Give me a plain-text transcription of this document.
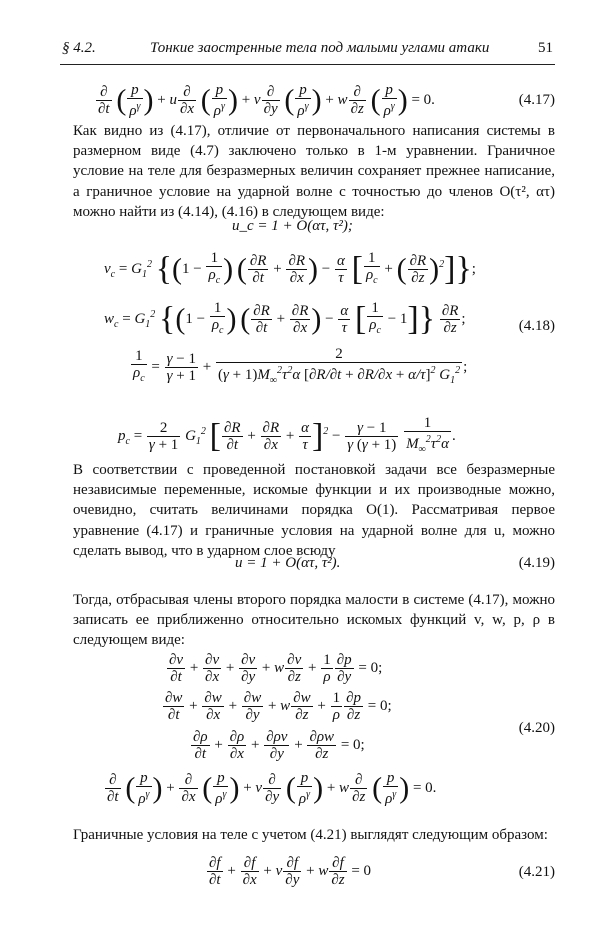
§ 4.2.	Тонкие заостренные тела под малыми углами атаки	51
$\frac{\partial}{\partial t}$ ( $\frac{p}{\rho^\gamma}$ ) + u $\frac{\partial}{\partial x}$ ( $\frac{p}{\rho^\gamma}$ ) + v $\frac{\partial}{\partial y}$ ( $\frac{p}{\rho^\gamma}$ ) + w $\frac{\partial}{\partial z}$ ( $\frac{p}{\rho^\gamma}$ ) = 0.	(4.17)

Как видно из (4.17), отличие от первоначального написания системы в размерном виде (4.7) заключено только в 1-м уравнении. Граничное условие на теле для безразмерных величин сохраняет прежнее написание, а граничное условие на ударной волне с точностью до членов O(τ², ατ) можно найти из (4.14), (4.16) в следующем виде:

u_c = 1 + O(ατ, τ²);
$v_c = G_1^2$ {($1 - \frac{1}{\rho_c}$ ) ( $\frac{\partial R}{\partial t} + \frac{\partial R}{\partial x}$ ) − $\frac{\alpha}{\tau}$ [ $\frac{1}{\rho_c}$ + ( $\frac{\partial R}{\partial z} )^2$]};
$w_c = G_1^2$ {($1 - \frac{1}{\rho_c}$ ) ( $\frac{\partial R}{\partial t} + \frac{\partial R}{\partial x}$ ) − $\frac{\alpha}{\tau}$ [ $\frac{1}{\rho_c} - 1]\} \frac{\partial R}{\partial z}$ ;	(4.18)
$\frac{1}{\rho_c} = \frac{\gamma - 1}{\gamma + 1} + \frac{2}{(\gamma + 1)M_\infty^2\tau^2\alpha [\partial R/\partial t + \partial R/\partial x + \alpha/\tau]^2 G_1^2}$ ;
$p_c = \frac{2}{\gamma + 1} G_1^2$ [ $\frac{\partial R}{\partial t} + \frac{\partial R}{\partial x} + \frac{\alpha}{\tau} ]^2 - \frac{\gamma - 1}{\gamma (\gamma + 1)}$
$\frac{1}{M_\infty^2\tau^2\alpha}$ .

В соответствии с проведенной постановкой задачи все безразмерные независимые переменные, искомые функции и их производные можно, очевидно, считать величинами порядка O(1). Рассматривая первое уравнение (4.17) и граничные условия на ударной волне для u, можно сделать вывод, что в ударном слое всюду

u = 1 + O(ατ, τ²).	(4.19)

Тогда, отбрасывая члены второго порядка малости в системе (4.17), можно записать ее приближенно относительно искомых функций v, w, p, ρ в следующем виде:

$\frac{\partial v}{\partial t} + \frac{\partial v}{\partial x} + \frac{\partial v}{\partial y} + w \frac{\partial v}{\partial z} + \frac{1}{\rho} \frac{\partial p}{\partial y} = 0$;
$\frac{\partial w}{\partial t} + \frac{\partial w}{\partial x} + \frac{\partial w}{\partial y} + w \frac{\partial w}{\partial z} + \frac{1}{\rho} \frac{\partial p}{\partial z} = 0$;
$\frac{\partial\rho}{\partial t} + \frac{\partial\rho}{\partial x} + \frac{\partial\rho v}{\partial y} + \frac{\partial\rho w}{\partial z} = 0$;
(4.20)
$\frac{\partial}{\partial t}$ ( $\frac{p}{\rho^\gamma}$ ) + $\frac{\partial}{\partial x}$ ( $\frac{p}{\rho^\gamma}$ ) + v $\frac{\partial}{\partial y}$ ( $\frac{p}{\rho^\gamma}$ ) + w $\frac{\partial}{\partial z}$ ( $\frac{p}{\rho^\gamma}$ ) = 0.

Граничные условия на теле с учетом (4.21) выглядят следующим образом:

$\frac{\partial f}{\partial t} + \frac{\partial f}{\partial x} + v \frac{\partial f}{\partial y} + w \frac{\partial f}{\partial z} = 0$	(4.21)
